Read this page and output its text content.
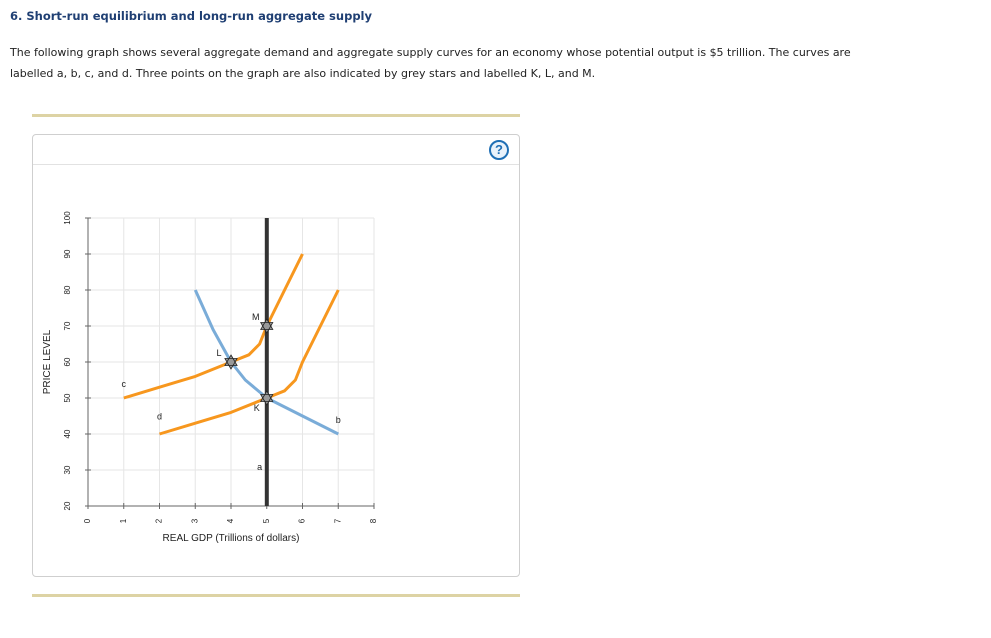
6. Short-run equilibrium and long-run aggregate supply

The following graph shows several aggregate demand and aggregate supply curves for an economy whose potential output is $5 trillion. The curves are labelled a, b, c, and d. Three points on the graph are also indicated by grey stars and labelled K, L, and M.

?
PRICE LEVEL
REAL GDP (Trillions of dollars)
20
30
40
50
60
70
80
90
100
0	1	2	3	4	5	6	7	8
a
b
c
d
K
L
M
